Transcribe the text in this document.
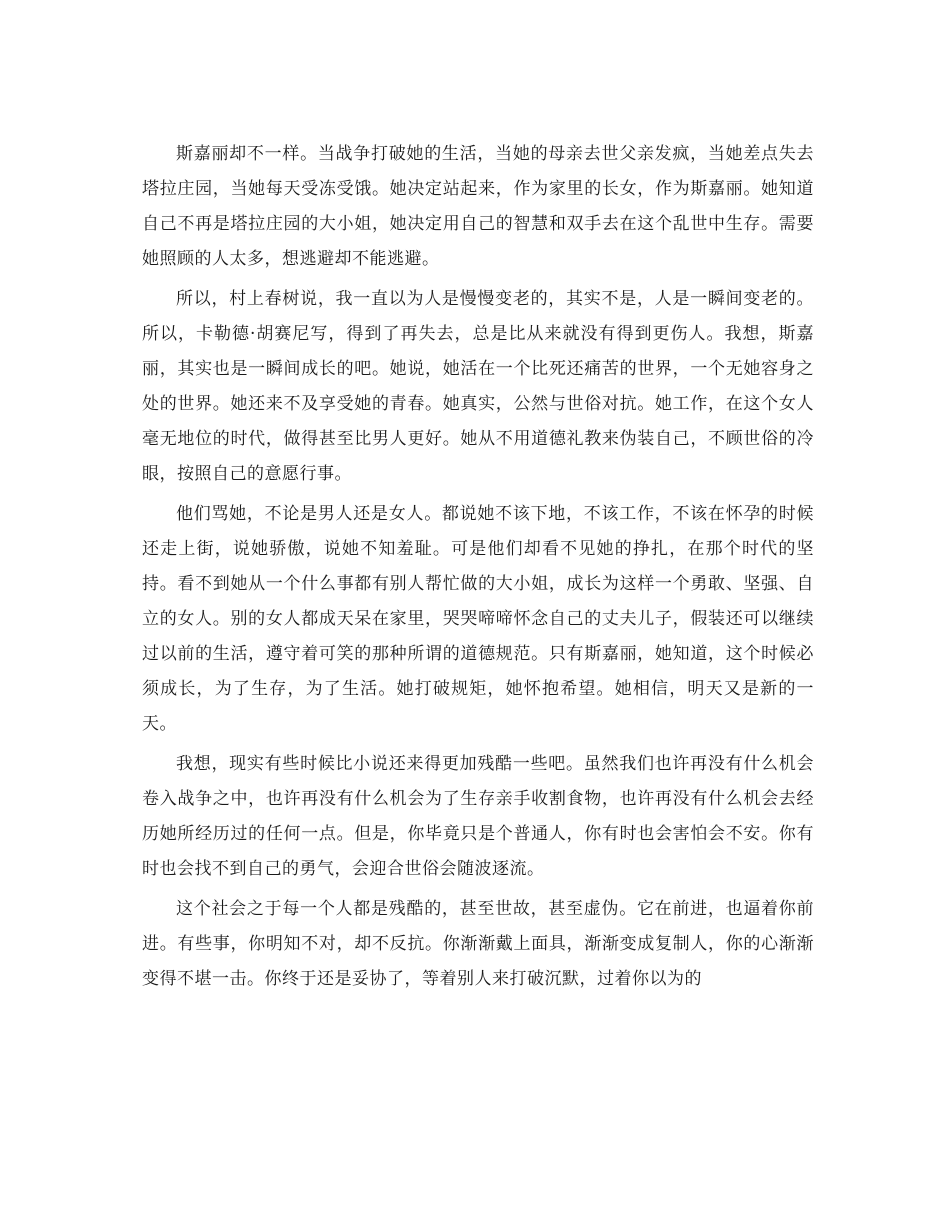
斯嘉丽却不一样。当战争打破她的生活，当她的母亲去世父亲发疯，当她差点失去塔拉庄园，当她每天受冻受饿。她决定站起来，作为家里的长女，作为斯嘉丽。她知道自己不再是塔拉庄园的大小姐，她决定用自己的智慧和双手去在这个乱世中生存。需要她照顾的人太多，想逃避却不能逃避。

所以，村上春树说，我一直以为人是慢慢变老的，其实不是，人是一瞬间变老的。所以，卡勒德·胡赛尼写，得到了再失去，总是比从来就没有得到更伤人。我想，斯嘉丽，其实也是一瞬间成长的吧。她说，她活在一个比死还痛苦的世界，一个无她容身之处的世界。她还来不及享受她的青春。她真实，公然与世俗对抗。她工作，在这个女人毫无地位的时代，做得甚至比男人更好。她从不用道德礼教来伪装自己，不顾世俗的冷眼，按照自己的意愿行事。

他们骂她，不论是男人还是女人。都说她不该下地，不该工作，不该在怀孕的时候还走上街，说她骄傲，说她不知羞耻。可是他们却看不见她的挣扎，在那个时代的坚持。看不到她从一个什么事都有别人帮忙做的大小姐，成长为这样一个勇敢、坚强、自立的女人。别的女人都成天呆在家里，哭哭啼啼怀念自己的丈夫儿子，假装还可以继续过以前的生活，遵守着可笑的那种所谓的道德规范。只有斯嘉丽，她知道，这个时候必须成长，为了生存，为了生活。她打破规矩，她怀抱希望。她相信，明天又是新的一天。

我想，现实有些时候比小说还来得更加残酷一些吧。虽然我们也许再没有什么机会卷入战争之中，也许再没有什么机会为了生存亲手收割食物，也许再没有什么机会去经历她所经历过的任何一点。但是，你毕竟只是个普通人，你有时也会害怕会不安。你有时也会找不到自己的勇气，会迎合世俗会随波逐流。

这个社会之于每一个人都是残酷的，甚至世故，甚至虚伪。它在前进，也逼着你前进。有些事，你明知不对，却不反抗。你渐渐戴上面具，渐渐变成复制人，你的心渐渐变得不堪一击。你终于还是妥协了，等着别人来打破沉默，过着你以为的
